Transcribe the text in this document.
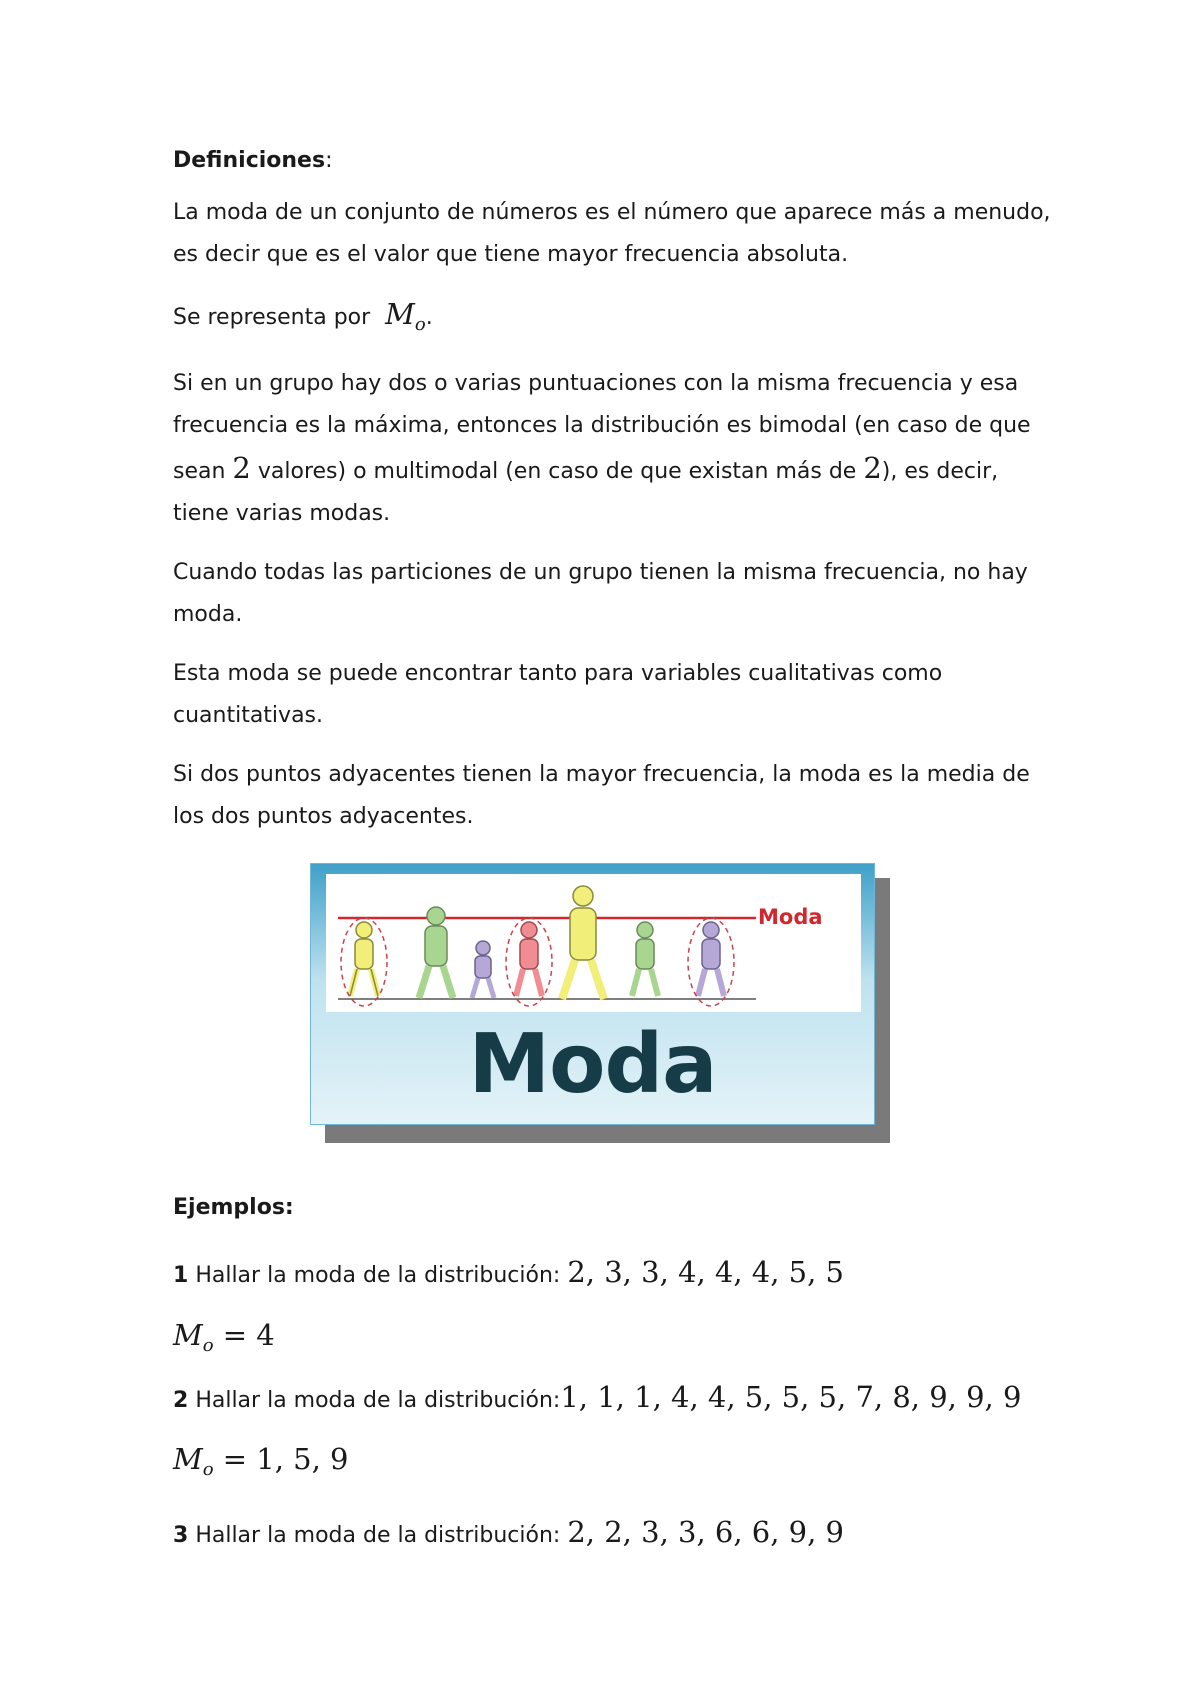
Definiciones:

La moda de un conjunto de números es el número que aparece más a menudo, es decir que es el valor que tiene mayor frecuencia absoluta.

Se representa por $M_o$.

Si en un grupo hay dos o varias puntuaciones con la misma frecuencia y esa frecuencia es la máxima, entonces la distribución es bimodal (en caso de que sean 2 valores) o multimodal (en caso de que existan más de 2), es decir, tiene varias modas.

Cuando todas las particiones de un grupo tienen la misma frecuencia, no hay moda.

Esta moda se puede encontrar tanto para variables cualitativas como cuantitativas.

Si dos puntos adyacentes tienen la mayor frecuencia, la moda es la media de los dos puntos adyacentes.

Moda
Moda
Ejemplos:
1 Hallar la moda de la distribución: 2, 3, 3, 4, 4, 4, 5, 5
$M_o = 4$
2 Hallar la moda de la distribución:1, 1, 1, 4, 4, 5, 5, 5, 7, 8, 9, 9, 9
$M_o = 1$, 5, 9
3 Hallar la moda de la distribución: 2, 2, 3, 3, 6, 6, 9, 9
